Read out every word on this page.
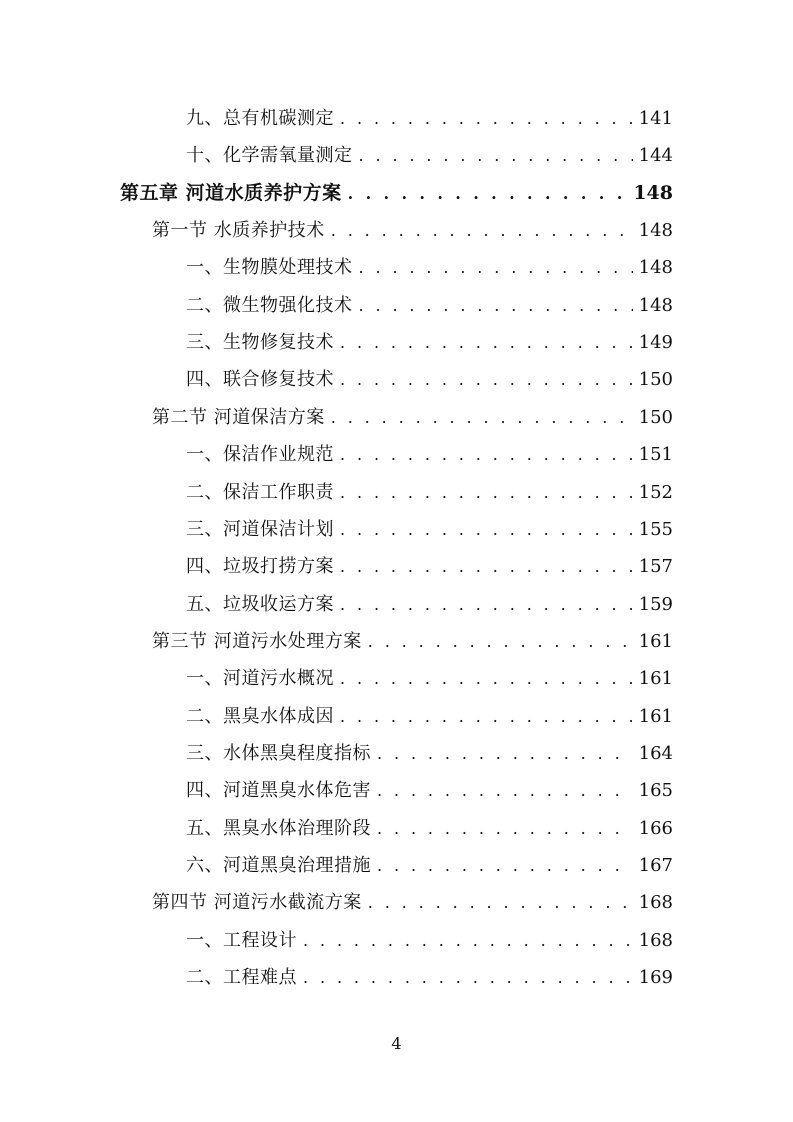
九、总有机碳测定 . . .	141
十、化学需氧量测定 . . .	144
第五章 河道水质养护方案 . . .	148
第一节 水质养护技术 . . .	148
一、生物膜处理技术 . . .	148
二、微生物强化技术 . . .	148
三、生物修复技术 . . .	149
四、联合修复技术 . . .	150
第二节 河道保洁方案 . . .	150
一、保洁作业规范 . . .	151
二、保洁工作职责 . . .	152
三、河道保洁计划 . . .	155
四、垃圾打捞方案 . . .	157
五、垃圾收运方案 . . .	159
第三节 河道污水处理方案 . . .	161
一、河道污水概况 . . .	161
二、黑臭水体成因 . . .	161
三、水体黑臭程度指标 . . .	164
四、河道黑臭水体危害 . . .	165
五、黑臭水体治理阶段 . . .	166
六、河道黑臭治理措施 . . .	167
第四节 河道污水截流方案 . . .	168
一、工程设计 . . .	168
二、工程难点 . . .	169
4
